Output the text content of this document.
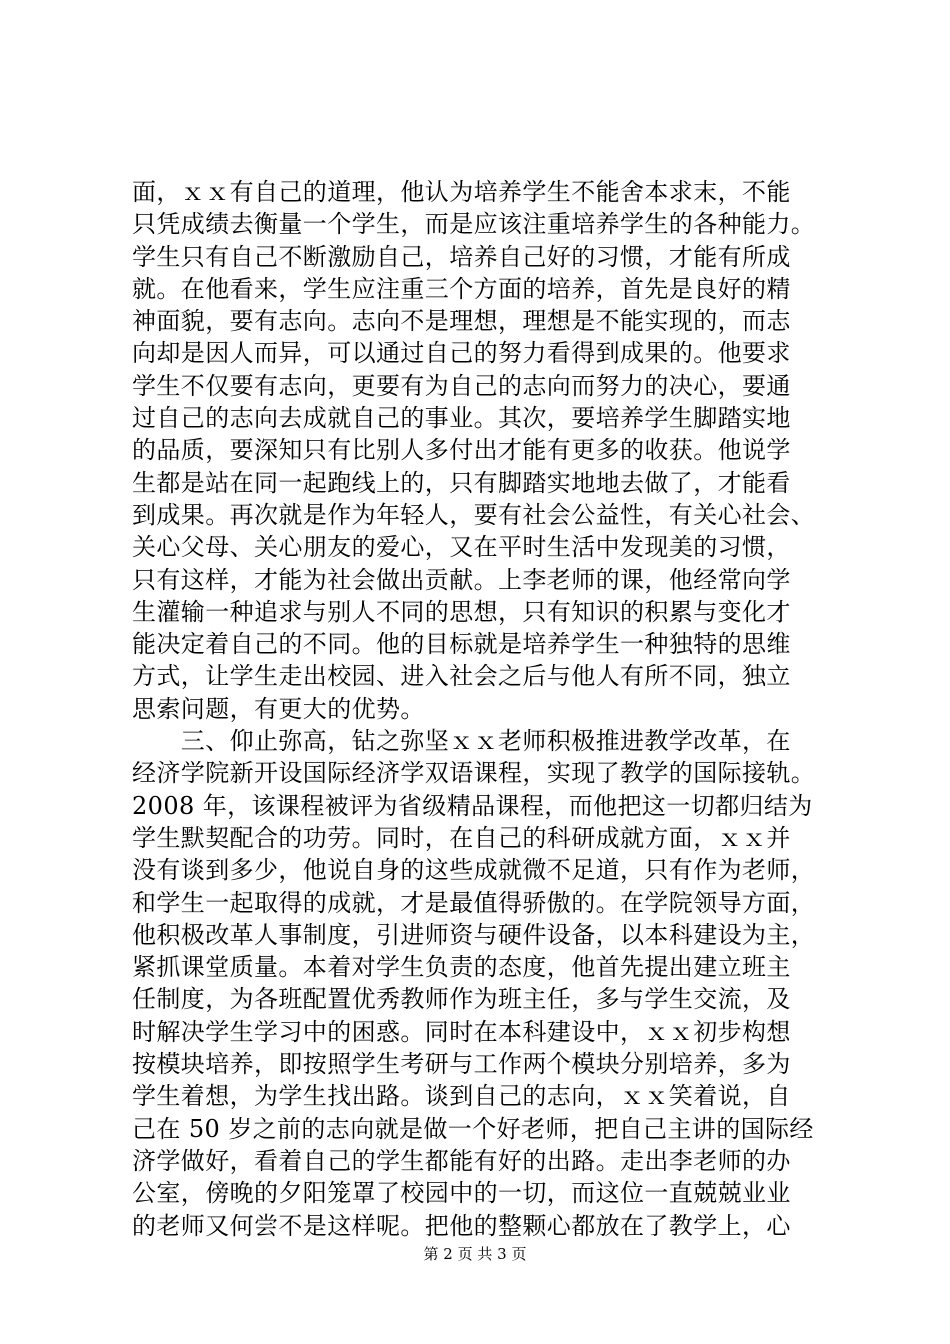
面，ｘｘ有自己的道理，他认为培养学生不能舍本求末，不能
只凭成绩去衡量一个学生，而是应该注重培养学生的各种能力。
学生只有自己不断激励自己，培养自己好的习惯，才能有所成
就。在他看来，学生应注重三个方面的培养，首先是良好的精
神面貌，要有志向。志向不是理想，理想是不能实现的，而志
向却是因人而异，可以通过自己的努力看得到成果的。他要求
学生不仅要有志向，更要有为自己的志向而努力的决心，要通
过自己的志向去成就自己的事业。其次，要培养学生脚踏实地
的品质，要深知只有比别人多付出才能有更多的收获。他说学
生都是站在同一起跑线上的，只有脚踏实地地去做了，才能看
到成果。再次就是作为年轻人，要有社会公益性，有关心社会、
关心父母、关心朋友的爱心，又在平时生活中发现美的习惯，
只有这样，才能为社会做出贡献。上李老师的课，他经常向学
生灌输一种追求与别人不同的思想，只有知识的积累与变化才
能决定着自己的不同。他的目标就是培养学生一种独特的思维
方式，让学生走出校园、进入社会之后与他人有所不同，独立
思索问题，有更大的优势。
　　三、仰止弥高，钻之弥坚ｘｘ老师积极推进教学改革，在
经济学院新开设国际经济学双语课程，实现了教学的国际接轨。
2008 年，该课程被评为省级精品课程，而他把这一切都归结为
学生默契配合的功劳。同时，在自己的科研成就方面，ｘｘ并
没有谈到多少，他说自身的这些成就微不足道，只有作为老师，
和学生一起取得的成就，才是最值得骄傲的。在学院领导方面，
他积极改革人事制度，引进师资与硬件设备，以本科建设为主，
紧抓课堂质量。本着对学生负责的态度，他首先提出建立班主
任制度，为各班配置优秀教师作为班主任，多与学生交流，及
时解决学生学习中的困惑。同时在本科建设中，ｘｘ初步构想
按模块培养，即按照学生考研与工作两个模块分别培养，多为
学生着想，为学生找出路。谈到自己的志向，ｘｘ笑着说，自
己在 50 岁之前的志向就是做一个好老师，把自己主讲的国际经
济学做好，看着自己的学生都能有好的出路。走出李老师的办
公室，傍晚的夕阳笼罩了校园中的一切，而这位一直兢兢业业
的老师又何尝不是这样呢。把他的整颗心都放在了教学上，心
第 2 页 共 3 页
